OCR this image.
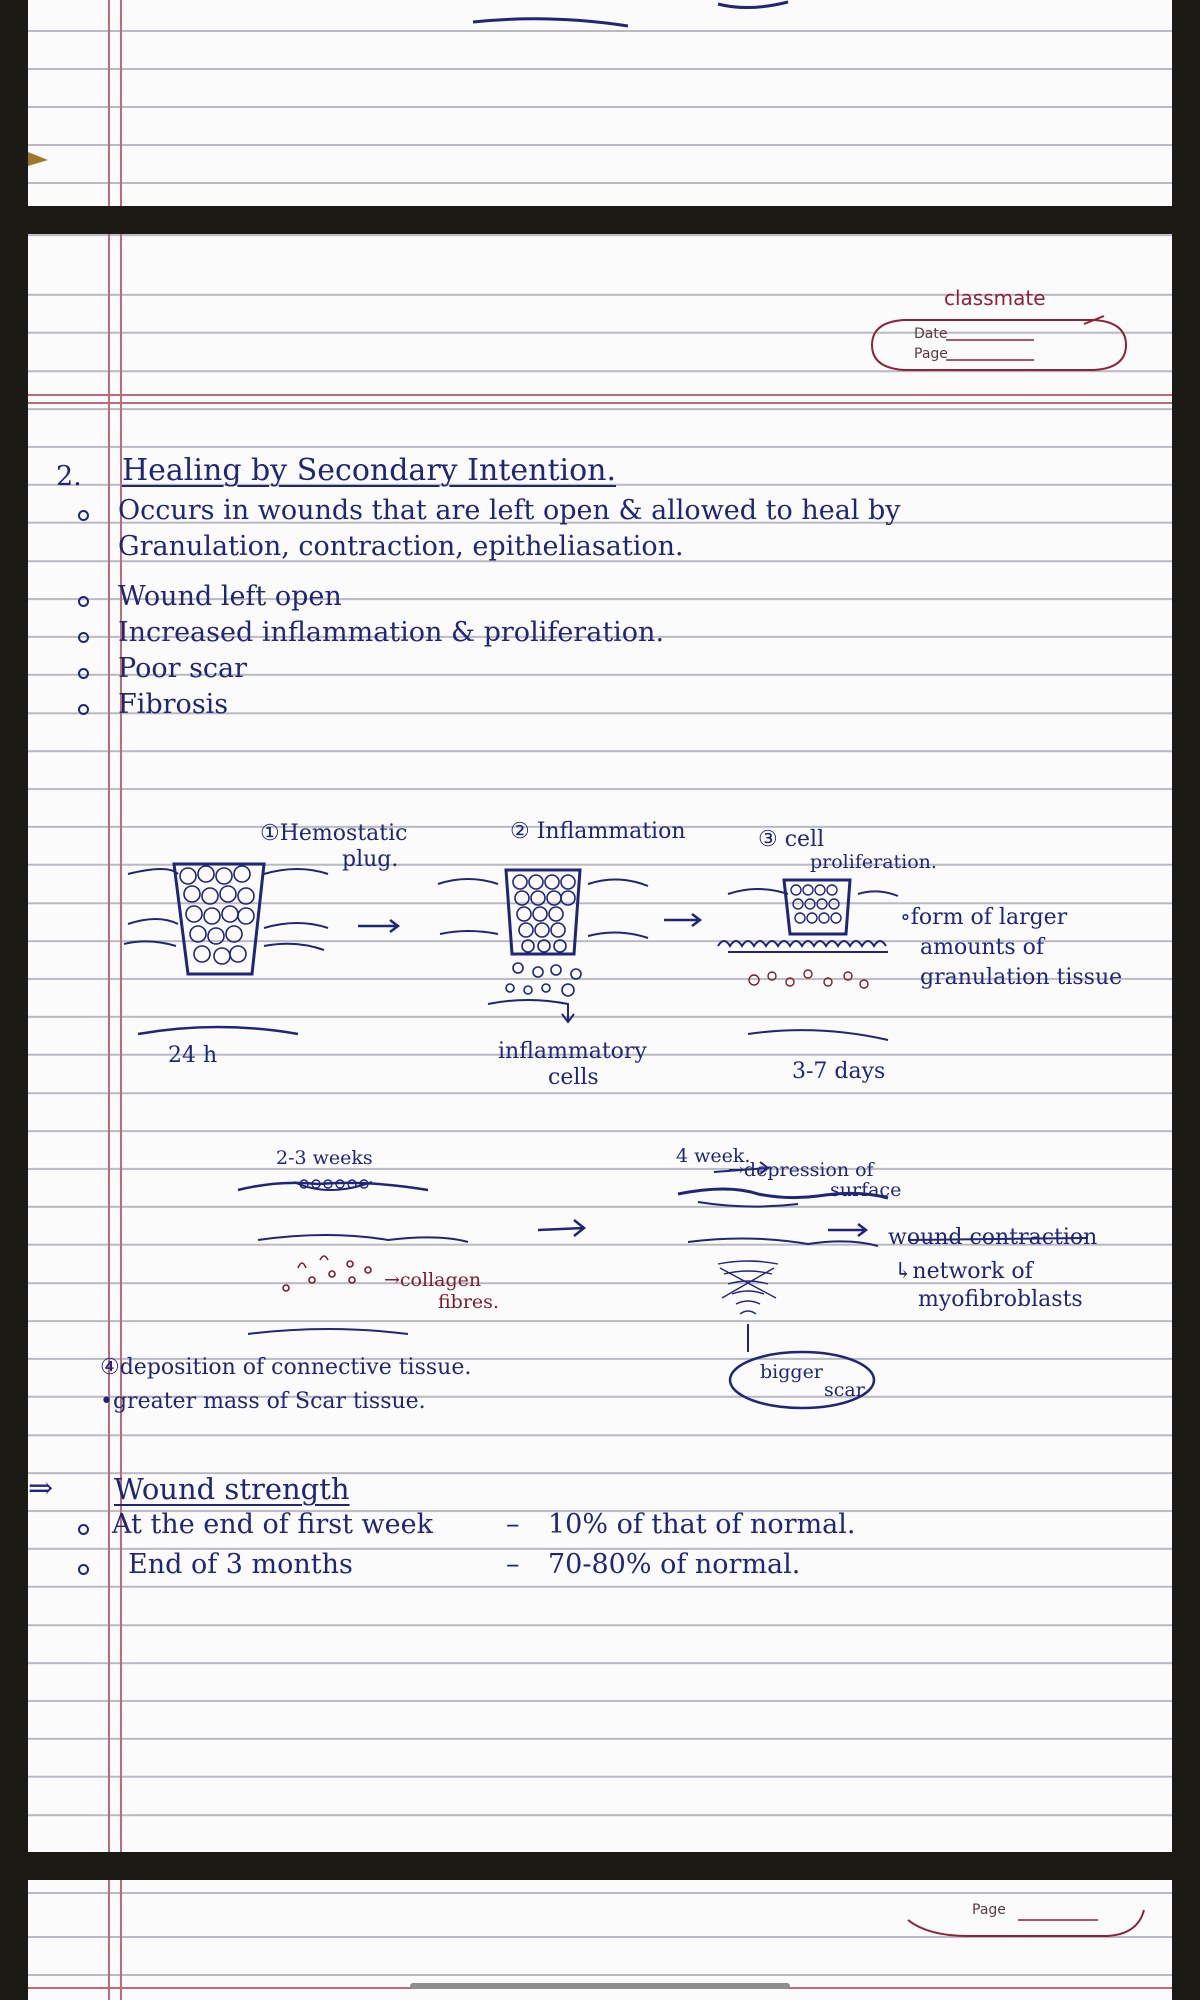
classmate
Date
Page
2. Healing by Secondary Intention.
Occurs in wounds that are left open & allowed to heal by
Granulation, contraction, epitheliasation.
Wound left open
Increased inflammation & proliferation.
Poor scar
Fibrosis
①Hemostatic
plug.
② Inflammation	③ cell
proliferation.
∘form of larger
amounts of
granulation tissue
24 h	inflammatory
cells	3-7 days
2-3 weeks	4 week.
→depression of
surface
wound contraction
↳network of
myofibroblasts
→collagen
fibres.
bigger
scar
④deposition of connective tissue.
•greater mass of Scar tissue.
⇒ Wound strength
At the end of first week	– 10% of that of normal.
End of 3 months	– 70-80% of normal.
Page
